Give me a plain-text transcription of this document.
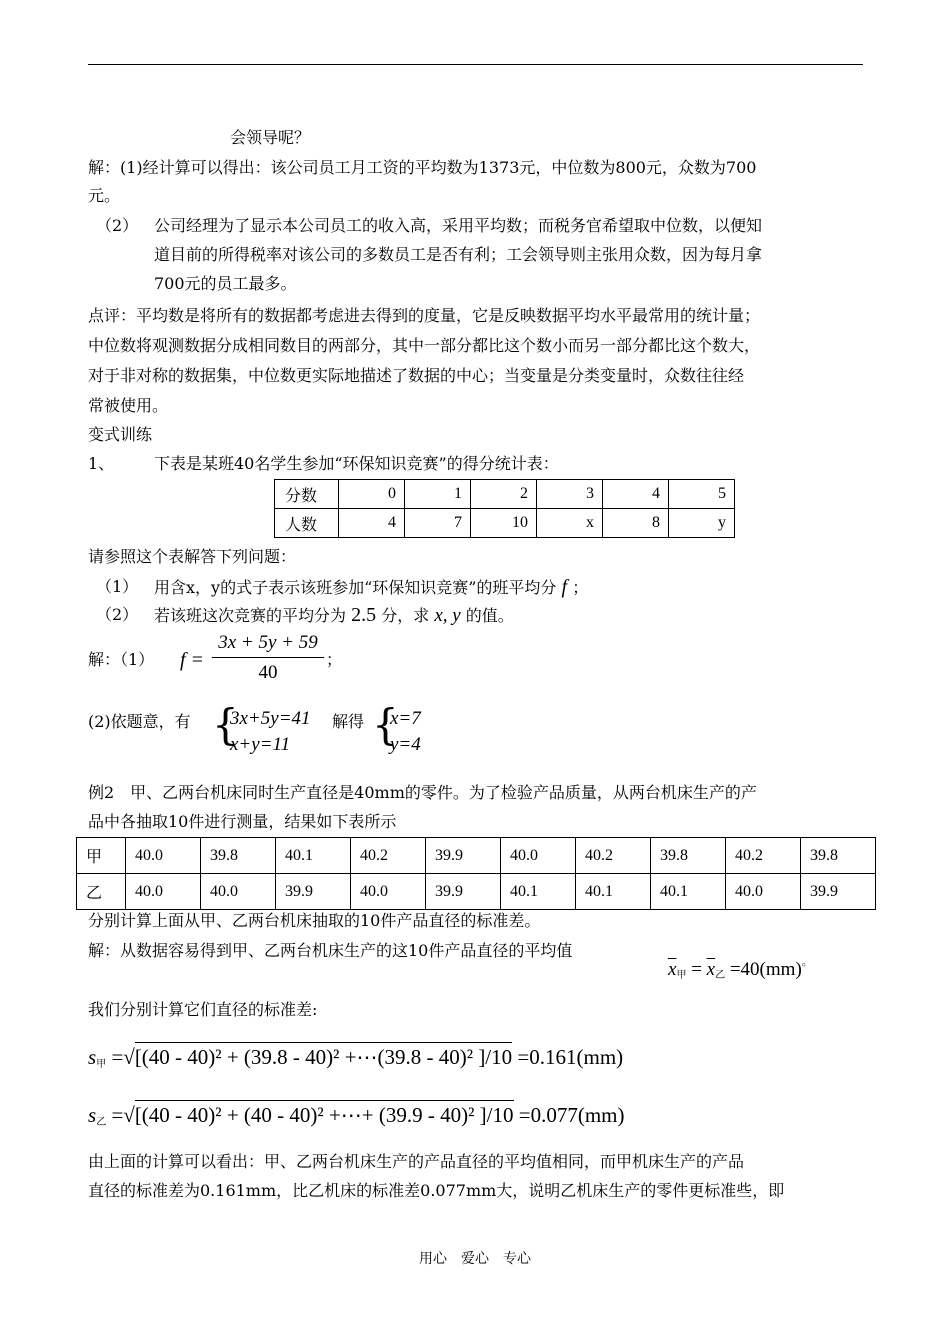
会领导呢？
解：(1)经计算可以得出：该公司员工月工资的平均数为1373元，中位数为800元，众数为700
元。
（2） 公司经理为了显示本公司员工的收入高，采用平均数；而税务官希望取中位数，以便知
道目前的所得税率对该公司的多数员工是否有利；工会领导则主张用众数，因为每月拿
700元的员工最多。
点评：平均数是将所有的数据都考虑进去得到的度量，它是反映数据平均水平最常用的统计量；
中位数将观测数据分成相同数目的两部分，其中一部分都比这个数小而另一部分都比这个数大，
对于非对称的数据集，中位数更实际地描述了数据的中心；当变量是分类变量时，众数往往经
常被使用。
变式训练
1、 下表是某班40名学生参加“环保知识竞赛”的得分统计表：
分数	0	1	2	3	4	5
人数	4	7	10	x	8	y
请参照这个表解答下列问题：
（1） 用含x，y的式子表示该班参加“环保知识竞赛”的班平均分 f ；
（2） 若该班这次竞赛的平均分为 2.5 分，求 x, y 的值。
解：（1） $f = \frac{3x + 5y + 59}{40}$ ；
(2)依题意，有 {
3x+5y=41
x+y=11
解得 {
x=7
y=4
例2　甲、乙两台机床同时生产直径是40mm的零件。为了检验产品质量，从两台机床生产的产
品中各抽取10件进行测量，结果如下表所示
甲	40.0	39.8	40.1	40.2	39.9	40.0	40.2	39.8	40.2	39.8
乙	40.0	40.0	39.9	40.0	39.9	40.1	40.1	40.1	40.0	39.9
分别计算上面从甲、乙两台机床抽取的10件产品直径的标准差。
解：从数据容易得到甲、乙两台机床生产的这10件产品直径的平均值
$\overline{x}_甲 = \overline{x}_乙 =40(mm)^。$
我们分别计算它们直径的标准差:
$s_甲 =√[(40 - 40)^2 + (39.8 - 40)^2$ +⋯(39.8 - 40)² ]/10 =0.161(mm)
$s_乙 =√[(40 - 40)^2 + (40 - 40)^2$ +⋯+ (39.9 - 40)² ]/10 =0.077(mm)
由上面的计算可以看出：甲、乙两台机床生产的产品直径的平均值相同，而甲机床生产的产品
直径的标准差为0.161mm，比乙机床的标准差0.077mm大，说明乙机床生产的零件更标准些，即
用心　爱心　专心
